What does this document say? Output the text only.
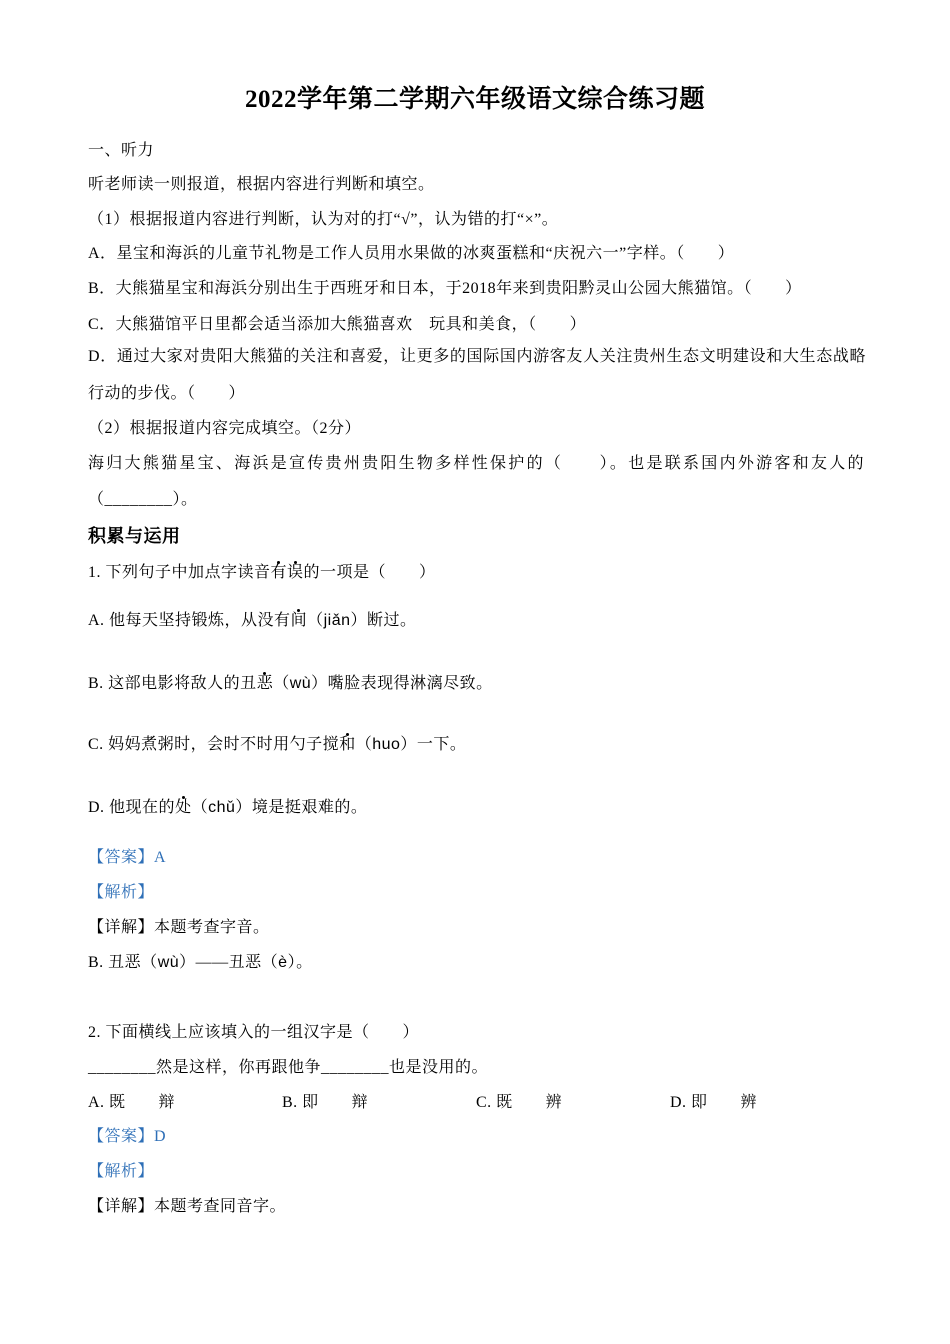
2022学年第二学期六年级语文综合练习题
一、听力
听老师读一则报道，根据内容进行判断和填空。
（1）根据报道内容进行判断，认为对的打“√”，认为错的打“×”。
A．星宝和海浜的儿童节礼物是工作人员用水果做的冰爽蛋糕和“庆祝六一”字样。（　　）
B．大熊猫星宝和海浜分别出生于西班牙和日本，于2018年来到贵阳黔灵山公园大熊猫馆。（　　）
C．大熊猫馆平日里都会适当添加大熊猫喜欢　玩具和美食，（　　）
D．通过大家对贵阳大熊猫的关注和喜爱，让更多的国际国内游客友人关注贵州生态文明建设和大生态战略
行动的步伐。（　　）
（2）根据报道内容完成填空。（2分）
海归大熊猫星宝、海浜是宣传贵州贵阳生物多样性保护的（　　）。也是联系国内外游客和友人的
（________）。
积累与运用
1. 下列句子中加点字读音有误的一项是（　　）
A. 他每天坚持锻炼，从没有间（jiǎn）断过。
B. 这部电影将敌人的丑恶（wù）嘴脸表现得淋漓尽致。
C. 妈妈煮粥时，会时不时用勺子搅和（huo）一下。
D. 他现在的处（chǔ）境是挺艰难的。
【答案】A
【解析】
【详解】本题考查字音。
B. 丑恶（wù）——丑恶（è）。
2. 下面横线上应该填入的一组汉字是（　　）
________然是这样，你再跟他争________也是没用的。
A. 既　　辩	B. 即　　辩	C. 既　　辨	D. 即　　辨
【答案】D
【解析】
【详解】本题考查同音字。
